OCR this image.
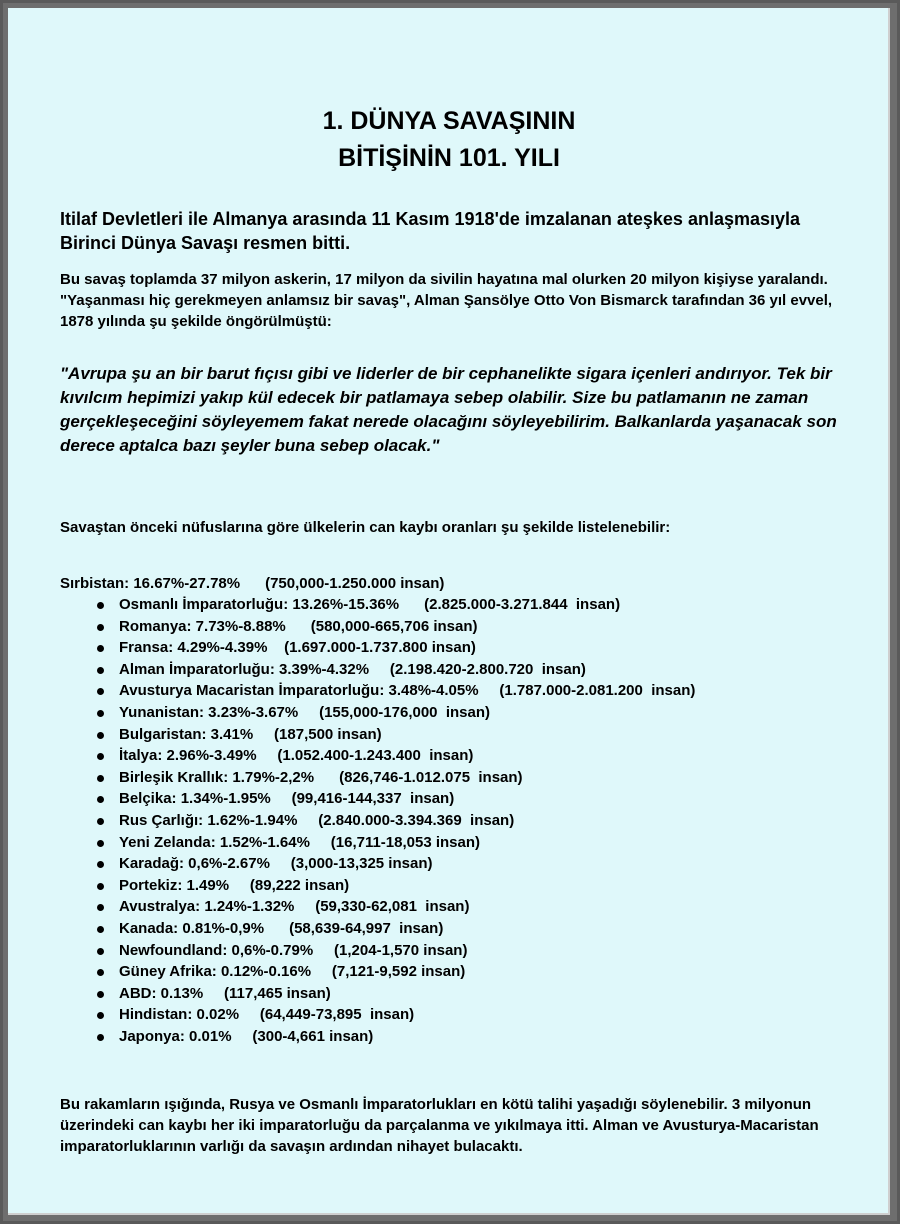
1. DÜNYA SAVAŞININ
BİTİŞİNİN 101. YILI
Itilaf Devletleri ile Almanya arasında 11 Kasım 1918'de imzalanan ateşkes anlaşmasıyla Birinci Dünya Savaşı resmen bitti.
Bu savaş toplamda 37 milyon askerin, 17 milyon da sivilin hayatına mal olurken 20 milyon kişiyse yaralandı. "Yaşanması hiç gerekmeyen anlamsız bir savaş", Alman Şansölye Otto Von Bismarck tarafından 36 yıl evvel, 1878 yılında şu şekilde öngörülmüştü:
"Avrupa şu an bir barut fıçısı gibi ve liderler de bir cephanelikte sigara içenleri andırıyor. Tek bir kıvılcım hepimizi yakıp kül edecek bir patlamaya sebep olabilir. Size bu patlamanın ne zaman gerçekleşeceğini söyleyemem fakat nerede olacağını söyleyebilirim. Balkanlarda yaşanacak son derece aptalca bazı şeyler buna sebep olacak."
Savaştan önceki nüfuslarına göre ülkelerin can kaybı oranları şu şekilde listelenebilir:
Sırbistan: 16.67%-27.78%      (750,000-1.250.000 insan)
Osmanlı İmparatorluğu: 13.26%-15.36%      (2.825.000-3.271.844  insan)
Romanya: 7.73%-8.88%      (580,000-665,706 insan)
Fransa: 4.29%-4.39%    (1.697.000-1.737.800 insan)
Alman İmparatorluğu: 3.39%-4.32%     (2.198.420-2.800.720  insan)
Avusturya Macaristan İmparatorluğu: 3.48%-4.05%     (1.787.000-2.081.200  insan)
Yunanistan: 3.23%-3.67%     (155,000-176,000  insan)
Bulgaristan: 3.41%     (187,500 insan)
İtalya: 2.96%-3.49%     (1.052.400-1.243.400  insan)
Birleşik Krallık: 1.79%-2,2%      (826,746-1.012.075  insan)
Belçika: 1.34%-1.95%     (99,416-144,337  insan)
Rus Çarlığı: 1.62%-1.94%     (2.840.000-3.394.369  insan)
Yeni Zelanda: 1.52%-1.64%     (16,711-18,053 insan)
Karadağ: 0,6%-2.67%     (3,000-13,325 insan)
Portekiz: 1.49%     (89,222 insan)
Avustralya: 1.24%-1.32%     (59,330-62,081  insan)
Kanada: 0.81%-0,9%      (58,639-64,997  insan)
Newfoundland: 0,6%-0.79%     (1,204-1,570 insan)
Güney Afrika: 0.12%-0.16%     (7,121-9,592 insan)
ABD: 0.13%     (117,465 insan)
Hindistan: 0.02%     (64,449-73,895  insan)
Japonya: 0.01%     (300-4,661 insan)
Bu rakamların ışığında, Rusya ve Osmanlı İmparatorlukları en kötü talihi yaşadığı söylenebilir. 3 milyonun üzerindeki can kaybı her iki imparatorluğu da parçalanma ve yıkılmaya itti. Alman ve Avusturya-Macaristan imparatorluklarının varlığı da savaşın ardından nihayet bulacaktı.
